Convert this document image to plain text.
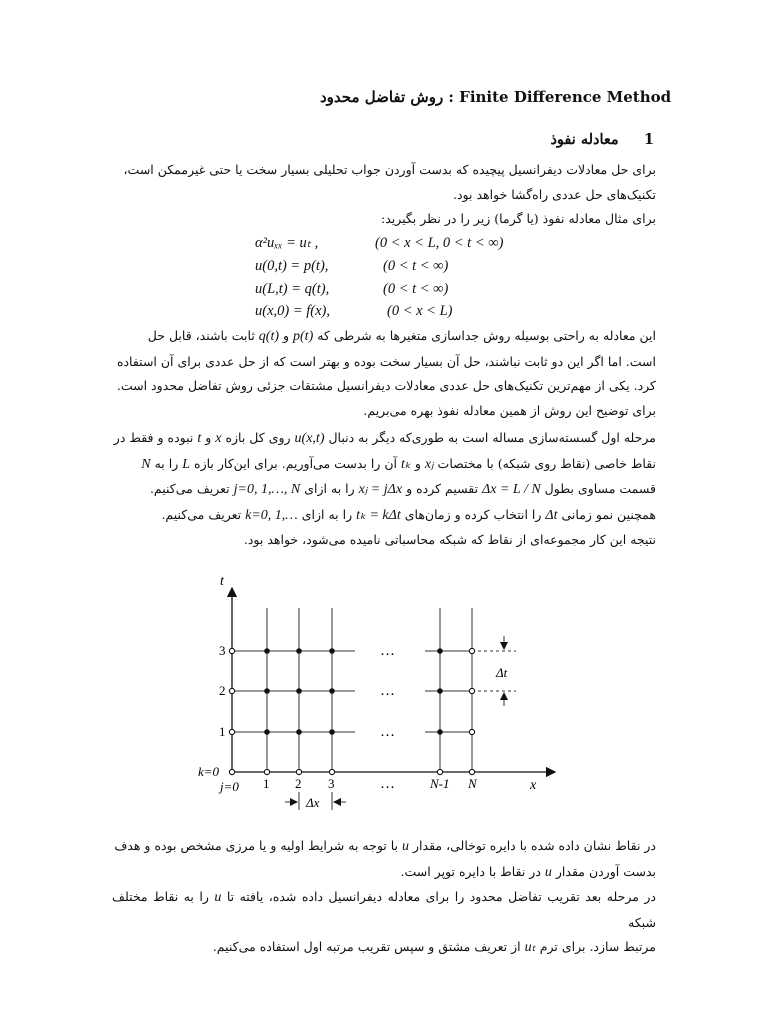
روش تفاضل محدود : Finite Difference Method
1     معادله نفوذ

برای حل معادلات دیفرانسیل پیچیده که بدست آوردن جواب تحلیلی بسیار سخت یا حتی غیرممکن است،

تکنیک‌های حل عددی راه‌گشا خواهد بود.

برای مثال معادله نفوذ (یا گرما) زیر را در نظر بگیرید:

α²uₓₓ = uₜ ,	(0 < x < L, 0 < t < ∞)
u(0,t) = p(t),	(0 < t < ∞)
u(L,t) = q(t),	(0 < t < ∞)
u(x,0) = f(x),	(0 < x < L)

این معادله به راحتی بوسیله روش جداسازی متغیرها به شرطی که p(t) و q(t) ثابت باشند، قابل حل

است. اما اگر این دو ثابت نباشند، حل آن بسیار سخت بوده و بهتر است که از حل عددی برای آن استفاده

کرد. یکی از مهم‌ترین تکنیک‌های حل عددی معادلات دیفرانسیل مشتقات جزئی روش تفاضل محدود است.

برای توضیح این روش از همین معادله نفوذ بهره می‌بریم.

مرحله اول گسسته‌سازی مساله است به طوری‌که دیگر به دنبال u(x,t) روی کل بازه x و t نبوده و فقط در

نقاط خاصی (نقاط روی شبکه) با مختصات xⱼ و tₖ آن را بدست می‌آوریم. برای این‌کار بازه L را به N

قسمت مساوی بطول Δx = L / N تقسیم کرده و xⱼ = jΔx را به ازای j=0, 1,…, N تعریف می‌کنیم.

همچنین نمو زمانی Δt را انتخاب کرده و زمان‌های tₖ = kΔt را به ازای k=0, 1,… تعریف می‌کنیم.

نتیجه این کار مجموعه‌ای از نقاط که شبکه محاسباتی نامیده می‌شود، خواهد بود.

t
x
k=0
j=0 1 2 3	N-1 N
1
2
3	…
…
…
…
Δt
Δx

در نقاط نشان داده شده با دایره توخالی، مقدار u با توجه به شرایط اولیه و یا مرزی مشخص بوده و هدف

بدست آوردن مقدار u در نقاط با دایره توپر است.

در مرحله بعد تقریب تفاضل محدود را برای معادله دیفرانسیل داده شده، یافته تا u را به نقاط مختلف شبکه

مرتبط سازد. برای ترم uₜ از تعریف مشتق و سپس تقریب مرتبه اول استفاده می‌کنیم.
